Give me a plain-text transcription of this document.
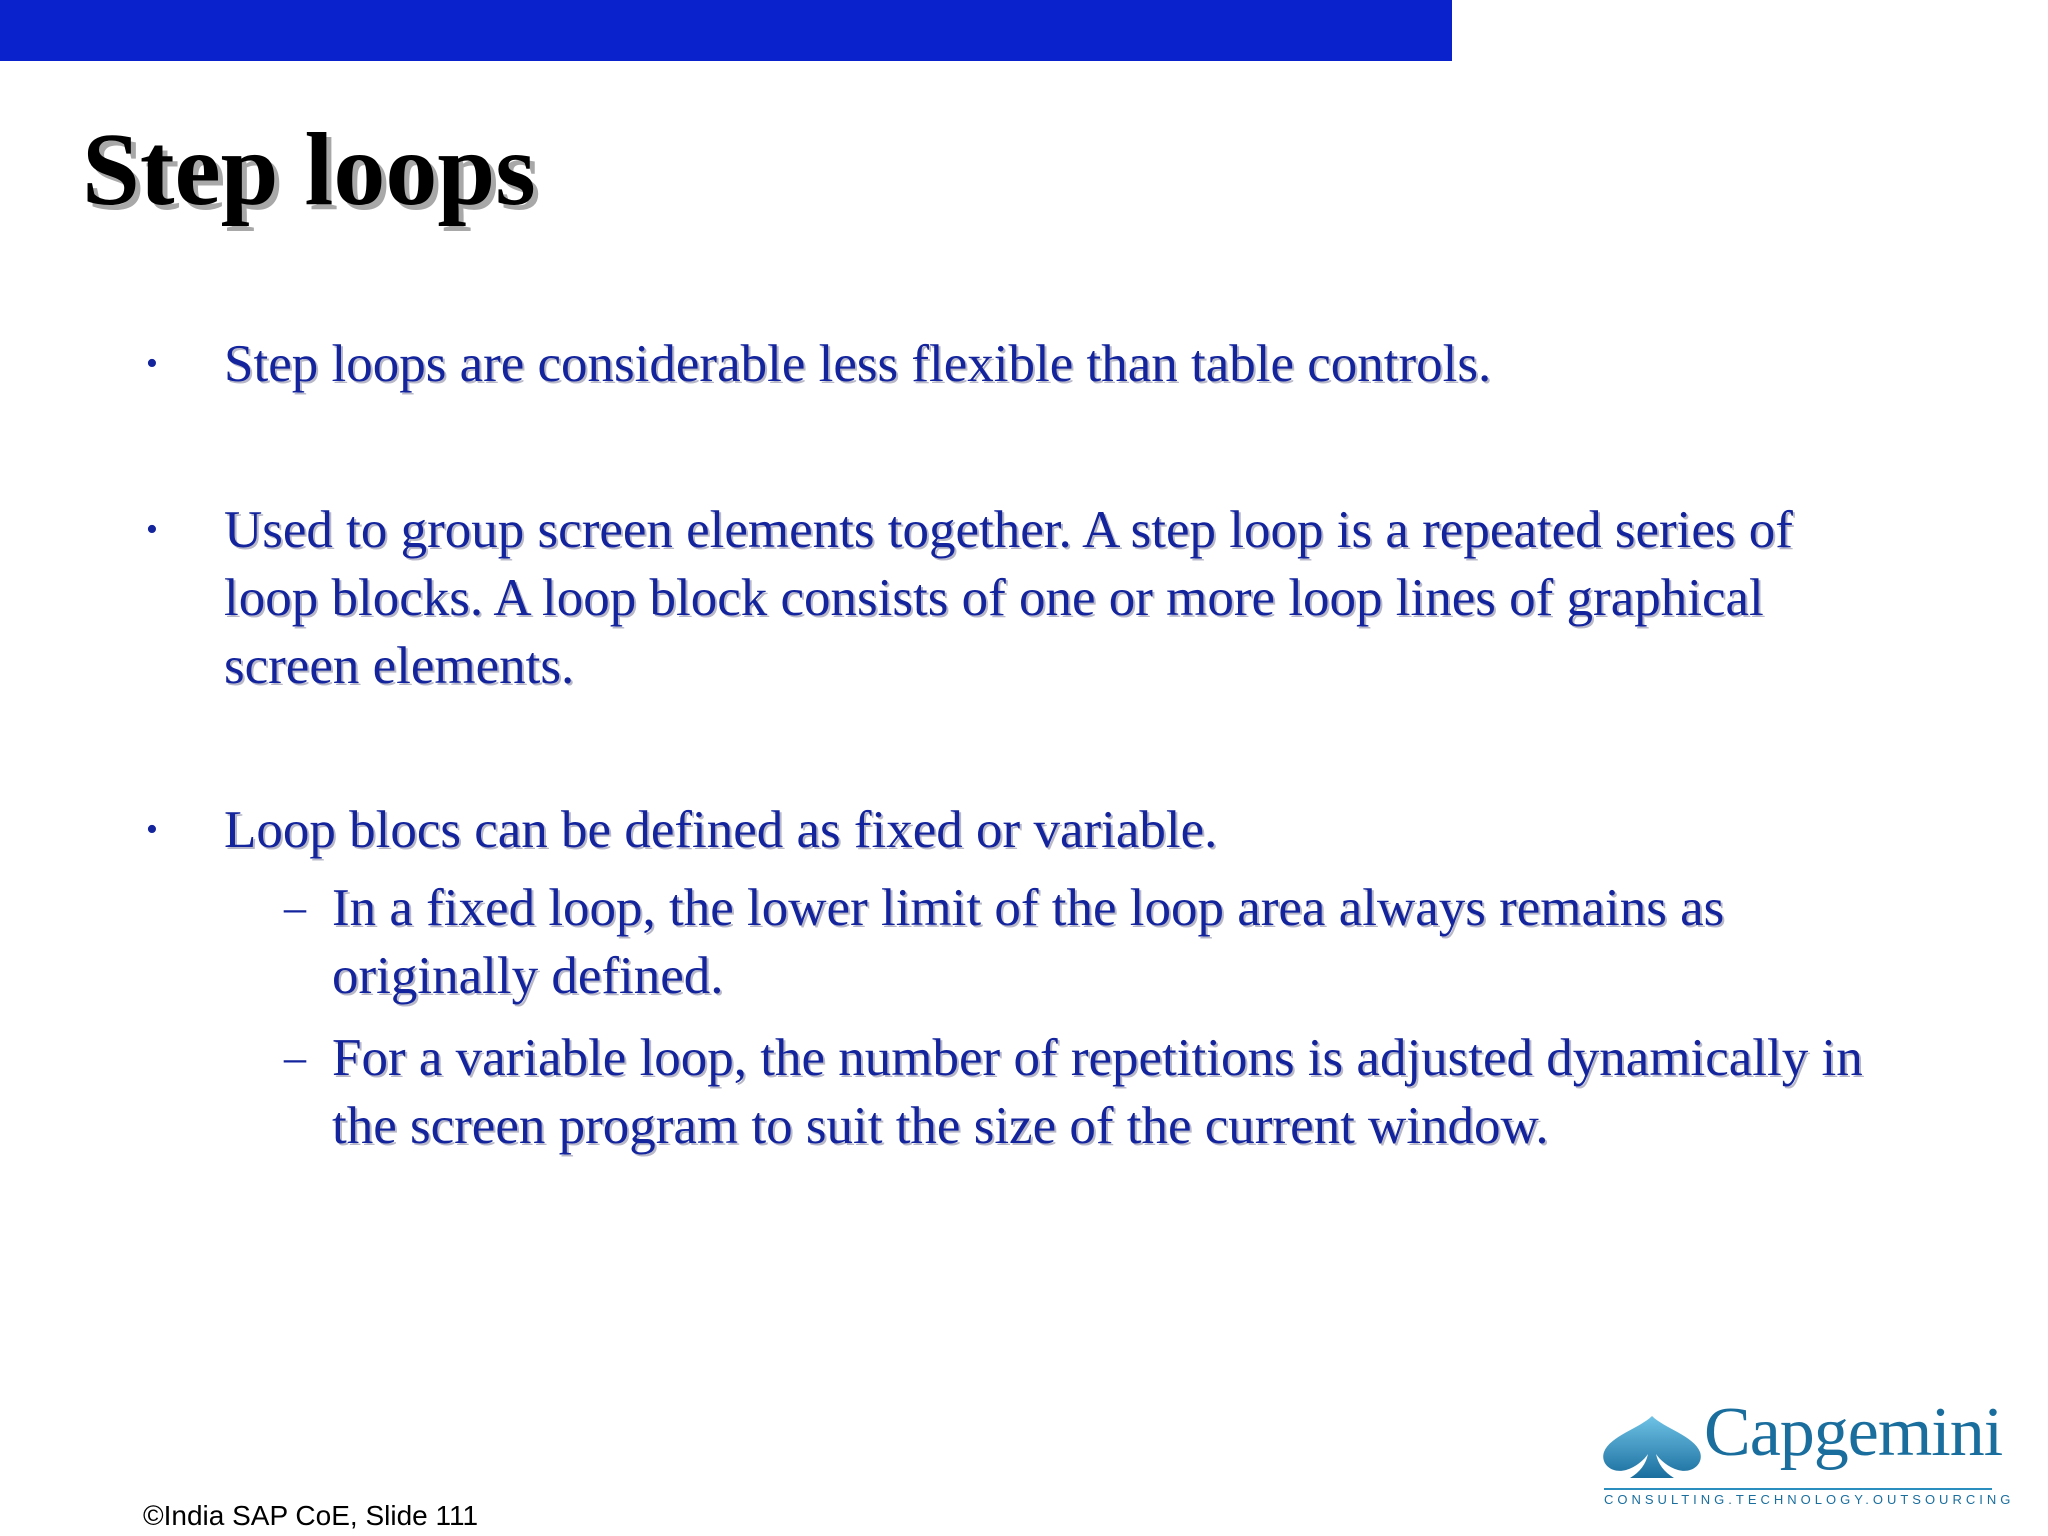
Step loops
•	Step loops are considerable less flexible than table controls.
•	Used to group screen elements together. A step loop is a repeated series of loop blocks. A loop block consists of one or more loop lines of graphical screen elements.
•	Loop blocs can be defined as fixed or variable.
– In a fixed loop, the lower limit of the loop area always remains as originally defined.
– For a variable loop, the number of repetitions is adjusted dynamically in the screen program to suit the size of the current window.
©India SAP CoE, Slide 111
Capgemini
CONSULTING.TECHNOLOGY.OUTSOURCING
